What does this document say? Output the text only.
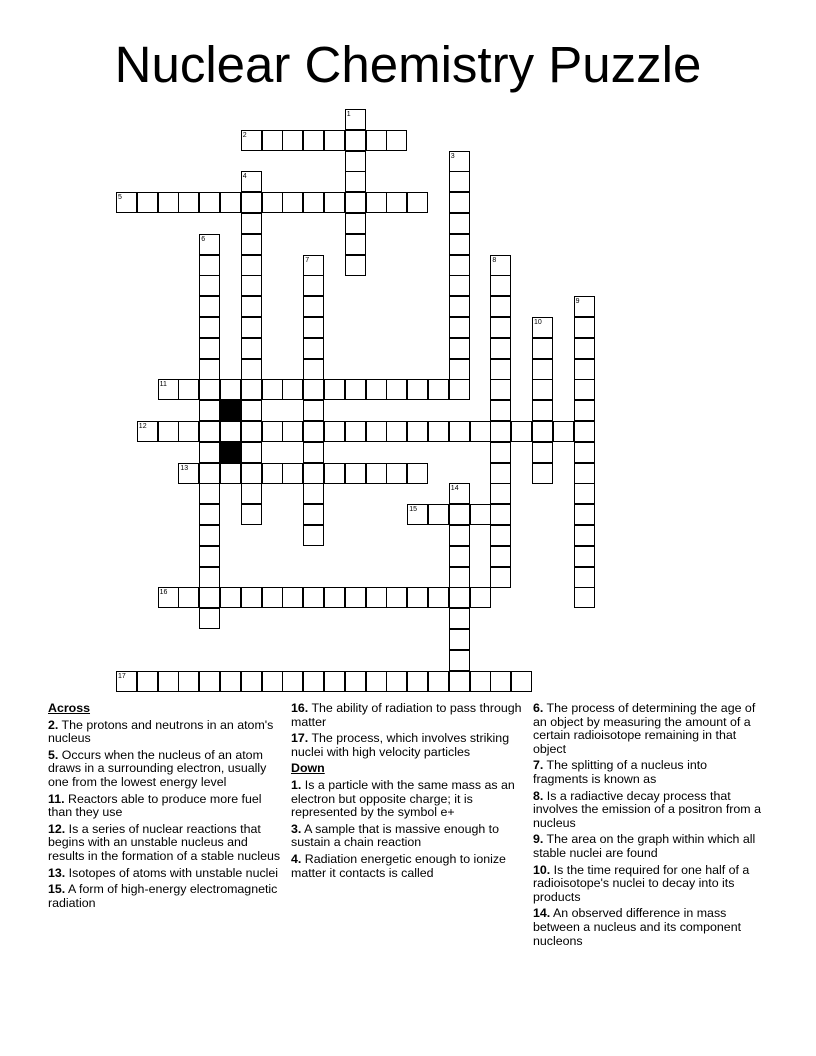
Nuclear Chemistry Puzzle
1
2
3
4
5
6
7	8
9
10
11
12
13
14
15
16
17
Across
2. The protons and neutrons in an atom's nucleus
5. Occurs when the nucleus of an atom draws in a surrounding electron, usually one from the lowest energy level
11. Reactors able to produce more fuel than they use
12. Is a series of nuclear reactions that begins with an unstable nucleus and results in the formation of a stable nucleus
13. Isotopes of atoms with unstable nuclei
15. A form of high-energy electromagnetic radiation
16. The ability of radiation to pass through matter
17. The process, which involves striking nuclei with high velocity particles
Down
1. Is a particle with the same mass as an electron but opposite charge; it is represented by the symbol e+
3. A sample that is massive enough to sustain a chain reaction
4. Radiation energetic enough to ionize matter it contacts is called
6. The process of determining the age of an object by measuring the amount of a certain radioisotope remaining in that object
7. The splitting of a nucleus into fragments is known as
8. Is a radiactive decay process that involves the emission of a positron from a nucleus
9. The area on the graph within which all stable nuclei are found
10. Is the time required for one half of a radioisotope's nuclei to decay into its products
14. An observed difference in mass between a nucleus and its component nucleons
